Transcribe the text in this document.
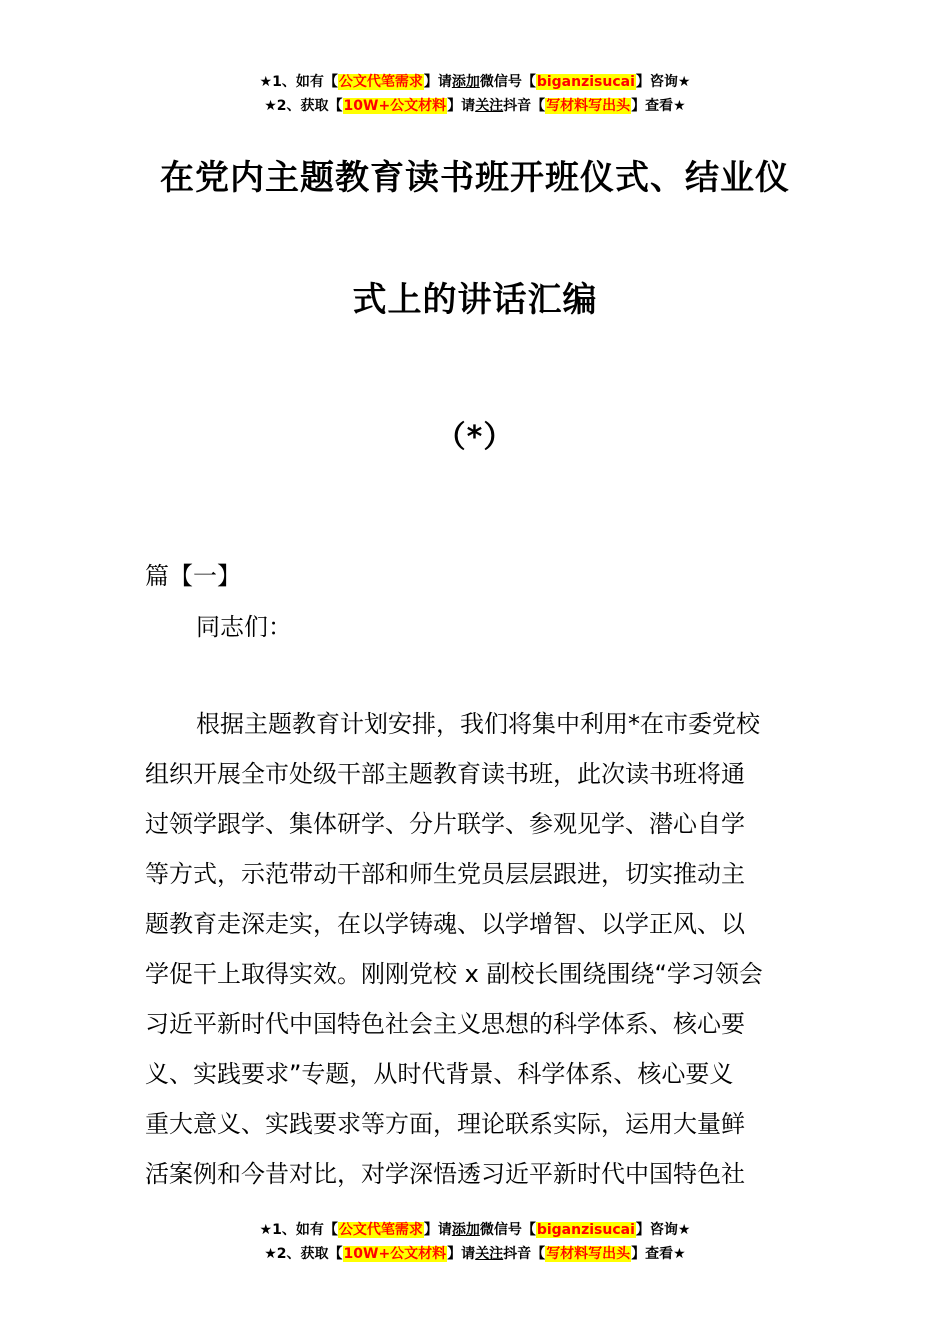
★1、如有【公文代笔需求】请添加微信号【biganzisucai】咨询★
★2、获取【10W+公文材料】请关注抖音【写材料写出头】查看★
在党内主题教育读书班开班仪式、结业仪
式上的讲话汇编
（*）
篇【一】
同志们：
根据主题教育计划安排，我们将集中利用*在市委党校
组织开展全市处级干部主题教育读书班，此次读书班将通
过领学跟学、集体研学、分片联学、参观见学、潜心自学
等方式，示范带动干部和师生党员层层跟进，切实推动主
题教育走深走实，在以学铸魂、以学增智、以学正风、以
学促干上取得实效。刚刚党校 x 副校长围绕围绕“学习领会
习近平新时代中国特色社会主义思想的科学体系、核心要
义、实践要求”专题，从时代背景、科学体系、核心要义
重大意义、实践要求等方面，理论联系实际，运用大量鲜
活案例和今昔对比，对学深悟透习近平新时代中国特色社
★1、如有【公文代笔需求】请添加微信号【biganzisucai】咨询★
★2、获取【10W+公文材料】请关注抖音【写材料写出头】查看★
